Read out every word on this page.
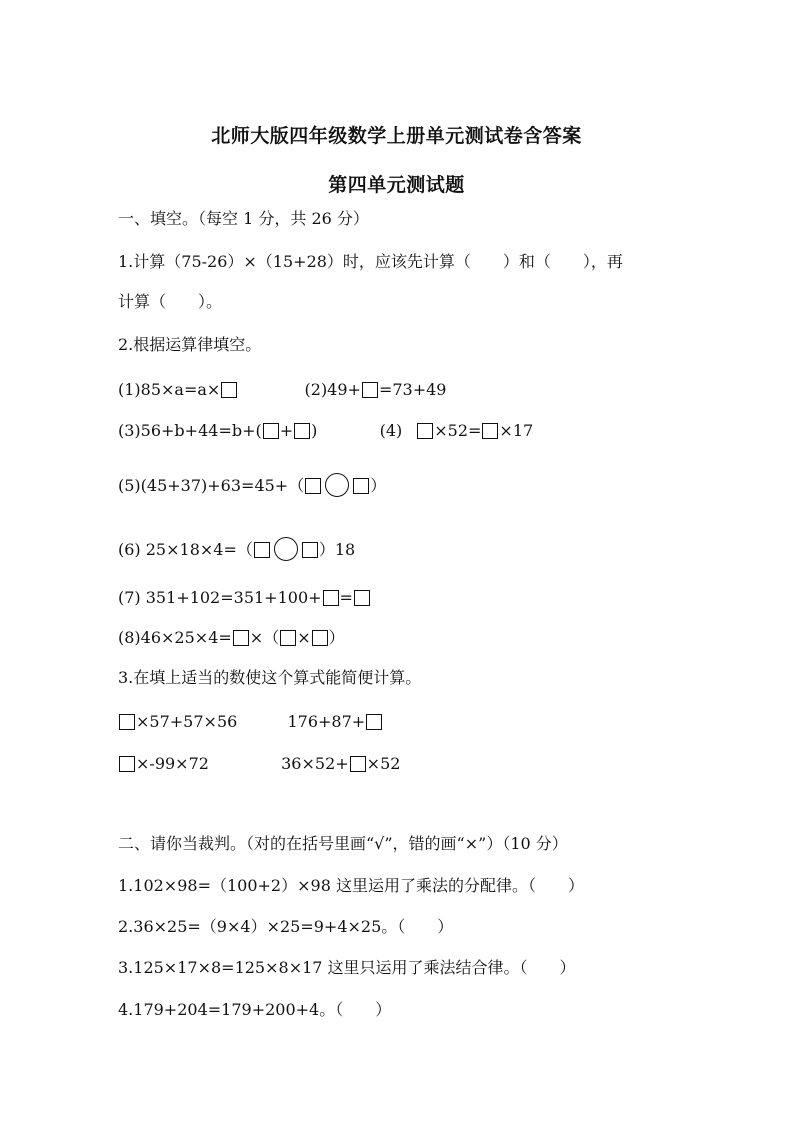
北师大版四年级数学上册单元测试卷含答案
第四单元测试题
一、填空。（每空 1 分，共 26 分）
1.计算（75-26）×（15+28）时，应该先计算（　　）和（　　），再
计算（　　）。
2.根据运算律填空。
(1)85×a=a×	(2)49+ =73+49
(3)56+b+44=b+( + )	(4) ×52= ×17
(5)(45+37)+63=45+（	）
(6) 25×18×4=（	）18
(7) 351+102=351+100+ =
(8)46×25×4= ×（ × ）
3.在填上适当的数使这个算式能简便计算。
×57+57×56	176+87+
×-99×72	36×52+ ×52
二、请你当裁判。（对的在括号里画“√”，错的画“×”）（10 分）
1.102×98=（100+2）×98 这里运用了乘法的分配律。（　　）
2.36×25=（9×4）×25=9+4×25。（　　）
3.125×17×8=125×8×17 这里只运用了乘法结合律。（　　）
4.179+204=179+200+4。（　　）
